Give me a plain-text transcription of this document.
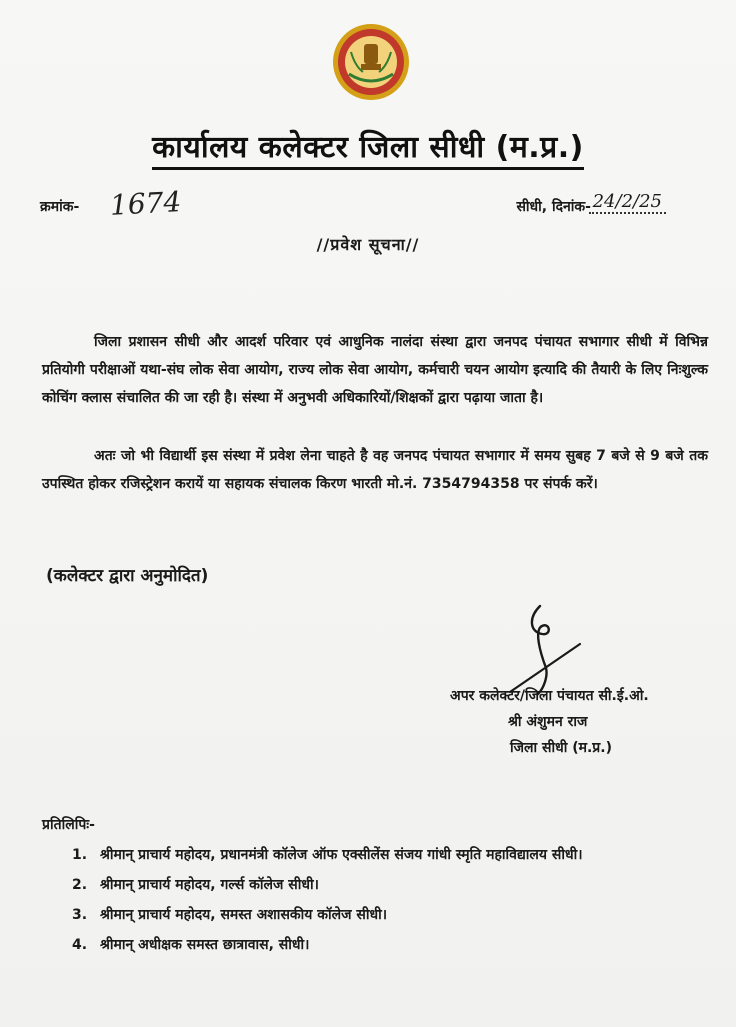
कार्यालय कलेक्टर जिला सीधी (म.प्र.)
क्रमांक- 1674	सीधी, दिनांक- 24/2/25
//प्रवेश सूचना//

जिला प्रशासन सीधी और आदर्श परिवार एवं आधुनिक नालंदा संस्था द्वारा जनपद पंचायत सभागार सीधी में विभिन्न प्रतियोगी परीक्षाओं यथा-संघ लोक सेवा आयोग, राज्य लोक सेवा आयोग, कर्मचारी चयन आयोग इत्यादि की तैयारी के लिए निःशुल्क कोचिंग क्लास संचालित की जा रही है। संस्था में अनुभवी अधिकारियों/शिक्षकों द्वारा पढ़ाया जाता है।

अतः जो भी विद्यार्थी इस संस्था में प्रवेश लेना चाहते है वह जनपद पंचायत सभागार में समय सुबह 7 बजे से 9 बजे तक उपस्थित होकर रजिस्ट्रेशन करायें या सहायक संचालक किरण भारती मो.नं. 7354794358 पर संपर्क करें।

(कलेक्टर द्वारा अनुमोदित)
अपर कलेक्टर/जिला पंचायत सी.ई.ओ.
श्री अंशुमन राज
जिला सीधी (म.प्र.)
प्रतिलिपिः-
1. श्रीमान् प्राचार्य महोदय, प्रधानमंत्री कॉलेज ऑफ एक्सीलेंस संजय गांधी स्मृति महाविद्यालय सीधी।
2. श्रीमान् प्राचार्य महोदय, गर्ल्स कॉलेज सीधी।
3. श्रीमान् प्राचार्य महोदय, समस्त अशासकीय कॉलेज सीधी।
4. श्रीमान् अधीक्षक समस्त छात्रावास, सीधी।
